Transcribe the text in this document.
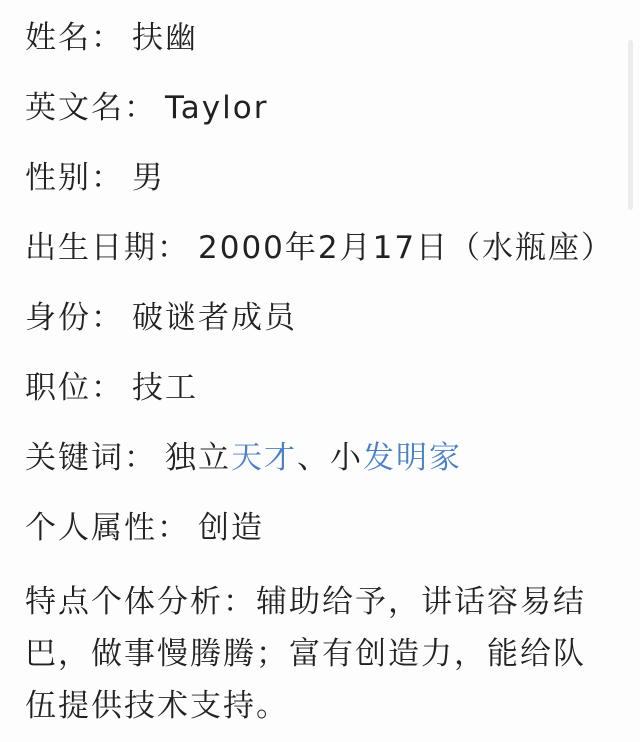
姓名： 扶幽
英文名： Taylor
性别： 男
出生日期： 2000年2月17日（水瓶座）
身份： 破谜者成员
职位： 技工
关键词： 独立天才、小发明家
个人属性： 创造

特点个体分析：辅助给予，讲话容易结巴，做事慢腾腾；富有创造力，能给队伍提供技术支持。
